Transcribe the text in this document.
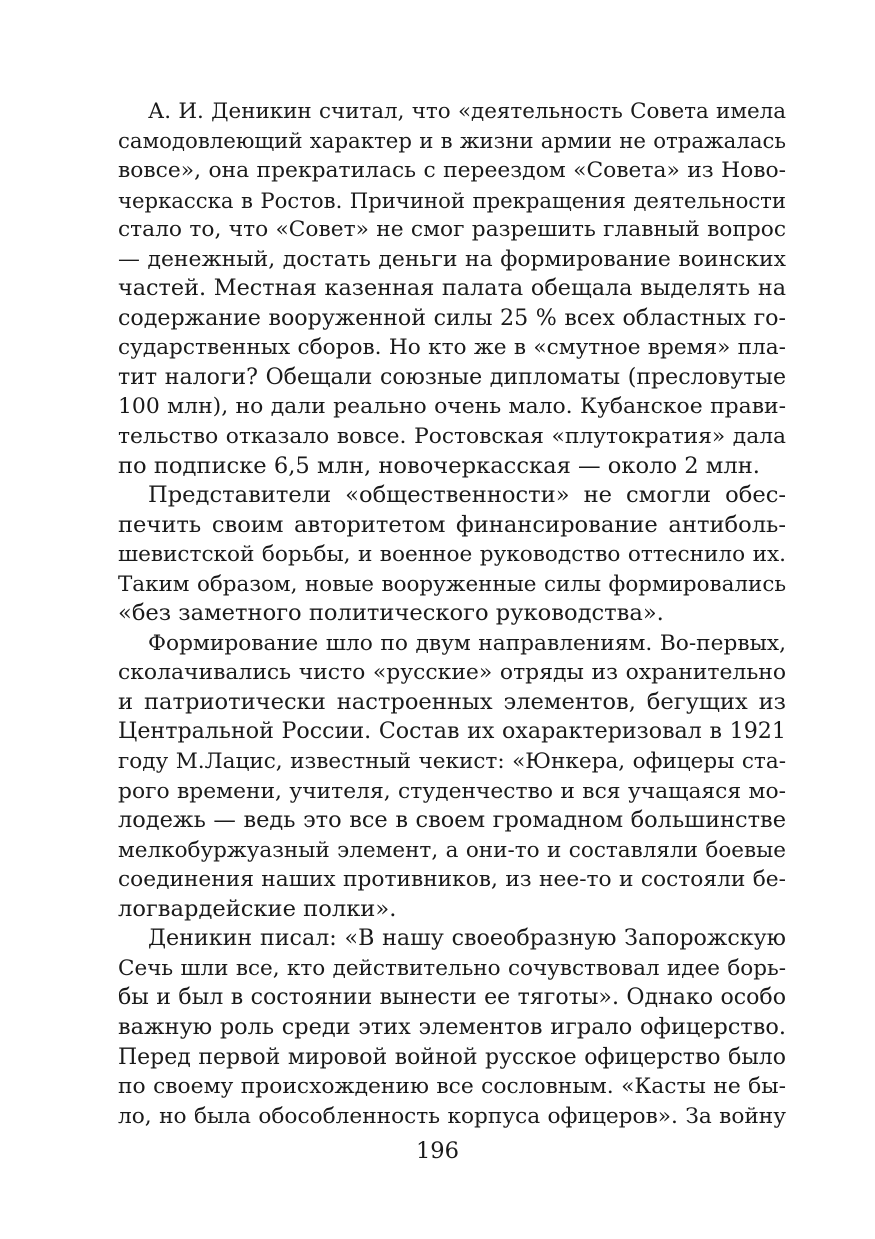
А. И. Деникин считал, что «деятельность Совета имела
самодовлеющий характер и в жизни армии не отражалась
вовсе», она прекратилась с переездом «Совета» из Ново-
черкасска в Ростов. Причиной прекращения деятельности
стало то, что «Совет» не смог разрешить главный вопрос
— денежный, достать деньги на формирование воинских
частей. Местная казенная палата обещала выделять на
содержание вооруженной силы 25 % всех областных го-
сударственных сборов. Но кто же в «смутное время» пла-
тит налоги? Обещали союзные дипломаты (пресловутые
100 млн), но дали реально очень мало. Кубанское прави-
тельство отказало вовсе. Ростовская «плутократия» дала
по подписке 6,5 млн, новочеркасская — около 2 млн.
Представители «общественности» не смогли обес-
печить своим авторитетом финансирование антиболь-
шевистской борьбы, и военное руководство оттеснило их.
Таким образом, новые вооруженные силы формировались
«без заметного политического руководства».
Формирование шло по двум направлениям. Во-первых,
сколачивались чисто «русские» отряды из охранительно
и патриотически настроенных элементов, бегущих из
Центральной России. Состав их охарактеризовал в 1921
году М.Лацис, известный чекист: «Юнкера, офицеры ста-
рого времени, учителя, студенчество и вся учащаяся мо-
лодежь — ведь это все в своем громадном большинстве
мелкобуржуазный элемент, а они-то и составляли боевые
соединения наших противников, из нее-то и состояли бе-
логвардейские полки».
Деникин писал: «В нашу своеобразную Запорожскую
Сечь шли все, кто действительно сочувствовал идее борь-
бы и был в состоянии вынести ее тяготы». Однако особо
важную роль среди этих элементов играло офицерство.
Перед первой мировой войной русское офицерство было
по своему происхождению все сословным. «Касты не бы-
ло, но была обособленность корпуса офицеров». За войну
196
